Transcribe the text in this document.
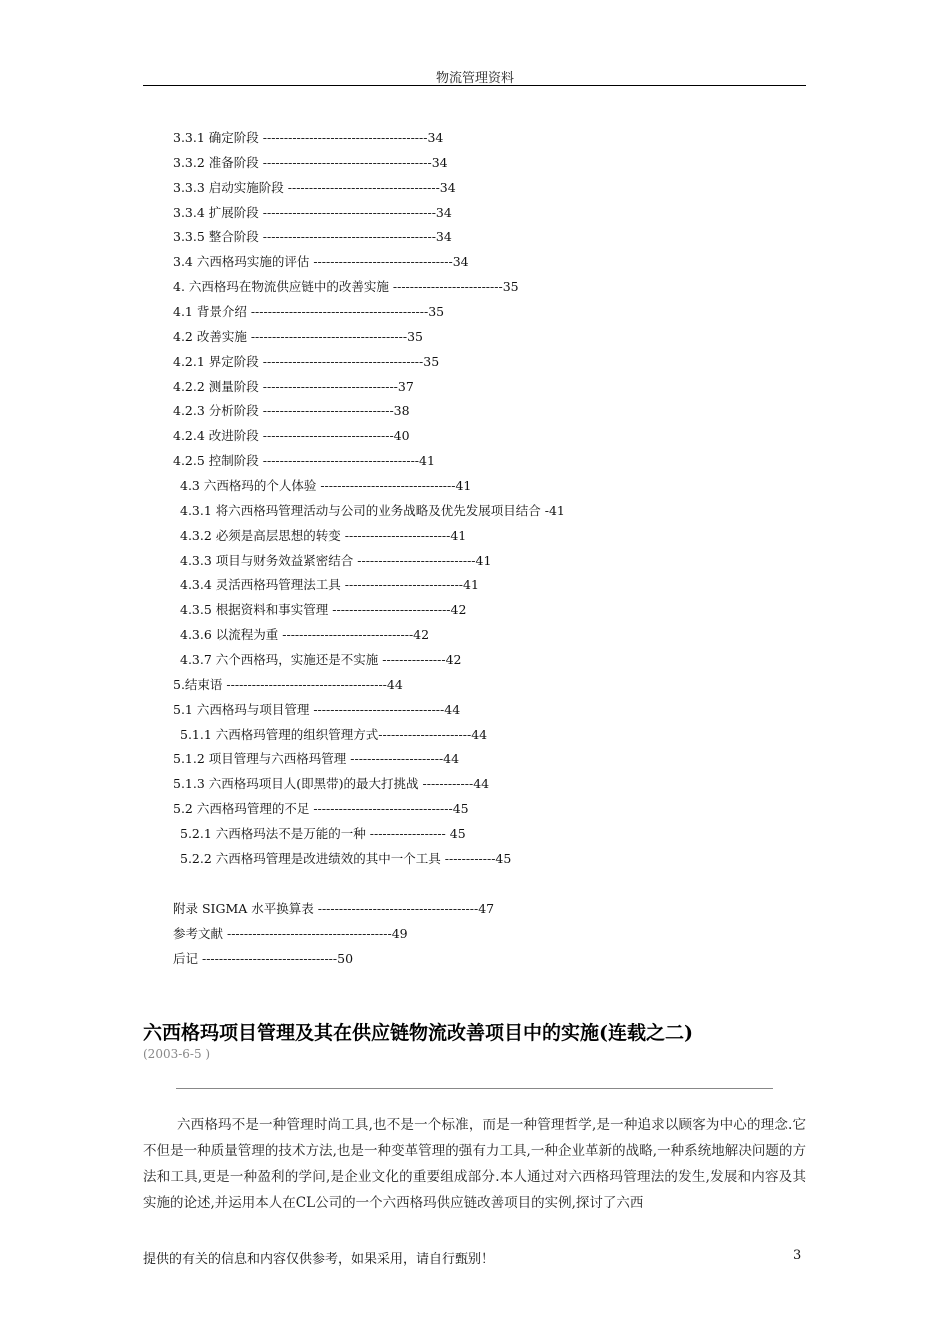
物流管理资料
3.3.1 确定阶段 ---------------------------------------34
3.3.2 准备阶段 ----------------------------------------34
3.3.3 启动实施阶段 ------------------------------------34
3.3.4 扩展阶段 -----------------------------------------34
3.3.5 整合阶段 -----------------------------------------34
3.4 六西格玛实施的评估 ---------------------------------34
4. 六西格玛在物流供应链中的改善实施 --------------------------35
4.1 背景介绍 ------------------------------------------35
4.2 改善实施 -------------------------------------35
4.2.1 界定阶段 --------------------------------------35
4.2.2 测量阶段 --------------------------------37
4.2.3 分析阶段 -------------------------------38
4.2.4 改进阶段 -------------------------------40
4.2.5 控制阶段 -------------------------------------41
4.3 六西格玛的个人体验 --------------------------------41
4.3.1 将六西格玛管理活动与公司的业务战略及优先发展项目结合 -41
4.3.2 必须是高层思想的转变 -------------------------41
4.3.3 项目与财务效益紧密结合 ----------------------------41
4.3.4 灵活西格玛管理法工具 ----------------------------41
4.3.5 根据资料和事实管理 ----------------------------42
4.3.6 以流程为重 -------------------------------42
4.3.7 六个西格玛，实施还是不实施 ---------------42
5.结束语 --------------------------------------44
5.1 六西格玛与项目管理 -------------------------------44
5.1.1 六西格玛管理的组织管理方式----------------------44
5.1.2 项目管理与六西格玛管理 ----------------------44
5.1.3 六西格玛项目人(即黑带)的最大打挑战 ------------44
5.2 六西格玛管理的不足 ---------------------------------45
5.2.1 六西格玛法不是万能的一种 ------------------ 45
5.2.2 六西格玛管理是改进绩效的其中一个工具 ------------45
附录 SIGMA 水平换算表 --------------------------------------47
参考文献 ---------------------------------------49
后记 --------------------------------50
六西格玛项目管理及其在供应链物流改善项目中的实施(连载之二)
(2003-6-5 )
六西格玛不是一种管理时尚工具,也不是一个标准，而是一种管理哲学,是一种追求以顾客为中心的理念.它不但是一种质量管理的技术方法,也是一种变革管理的强有力工具,一种企业革新的战略,一种系统地解决问题的方法和工具,更是一种盈利的学问,是企业文化的重要组成部分.本人通过对六西格玛管理法的发生,发展和内容及其实施的论述,并运用本人在CL公司的一个六西格玛供应链改善项目的实例,探讨了六西
提供的有关的信息和内容仅供参考，如果采用，请自行甄别！	3
